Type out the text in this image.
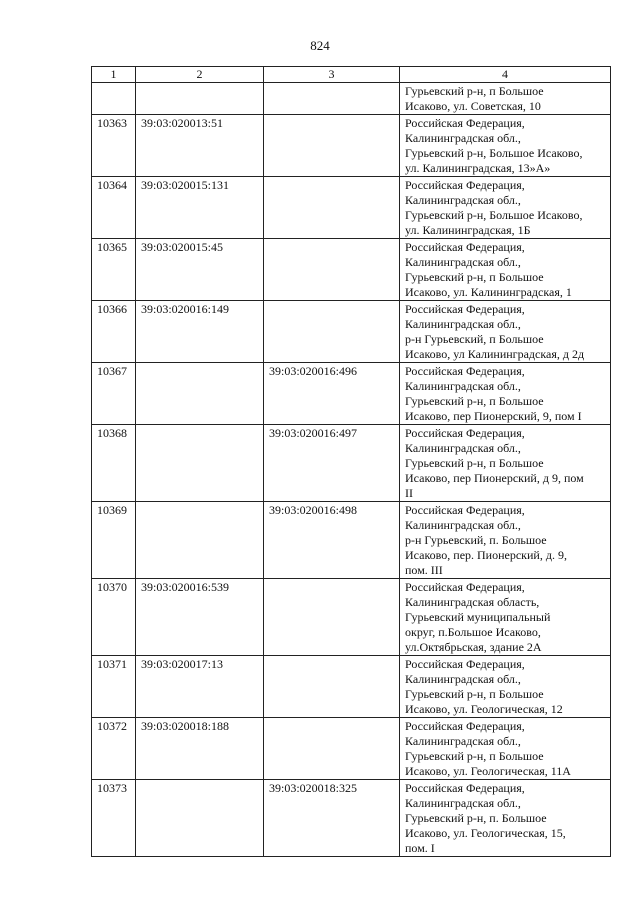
824
1	2	3	4
			Гурьевский р-н, п Большое
Исаково, ул. Советская, 10
10363	39:03:020013:51		Российская Федерация,
Калининградская обл.,
Гурьевский р-н, Большое Исаково,
ул. Калининградская, 13»А»
10364	39:03:020015:131		Российская Федерация,
Калининградская обл.,
Гурьевский р-н, Большое Исаково,
ул. Калининградская, 1Б
10365	39:03:020015:45		Российская Федерация,
Калининградская обл.,
Гурьевский р-н, п Большое
Исаково, ул. Калининградская, 1
10366	39:03:020016:149		Российская Федерация,
Калининградская обл.,
р-н Гурьевский, п Большое
Исаково, ул Калининградская, д 2д
10367		39:03:020016:496	Российская Федерация,
Калининградская обл.,
Гурьевский р-н, п Большое
Исаково, пер Пионерский, 9, пом I
10368		39:03:020016:497	Российская Федерация,
Калининградская обл.,
Гурьевский р-н, п Большое
Исаково, пер Пионерский, д 9, пом
II
10369		39:03:020016:498	Российская Федерация,
Калининградская обл.,
р-н Гурьевский, п. Большое
Исаково, пер. Пионерский, д. 9,
пом. III
10370	39:03:020016:539		Российская Федерация,
Калининградская область,
Гурьевский муниципальный
округ, п.Большое Исаково,
ул.Октябрьская, здание 2А
10371	39:03:020017:13		Российская Федерация,
Калининградская обл.,
Гурьевский р-н, п Большое
Исаково, ул. Геологическая, 12
10372	39:03:020018:188		Российская Федерация,
Калининградская обл.,
Гурьевский р-н, п Большое
Исаково, ул. Геологическая, 11А
10373		39:03:020018:325	Российская Федерация,
Калининградская обл.,
Гурьевский р-н, п. Большое
Исаково, ул. Геологическая, 15,
пом. I
